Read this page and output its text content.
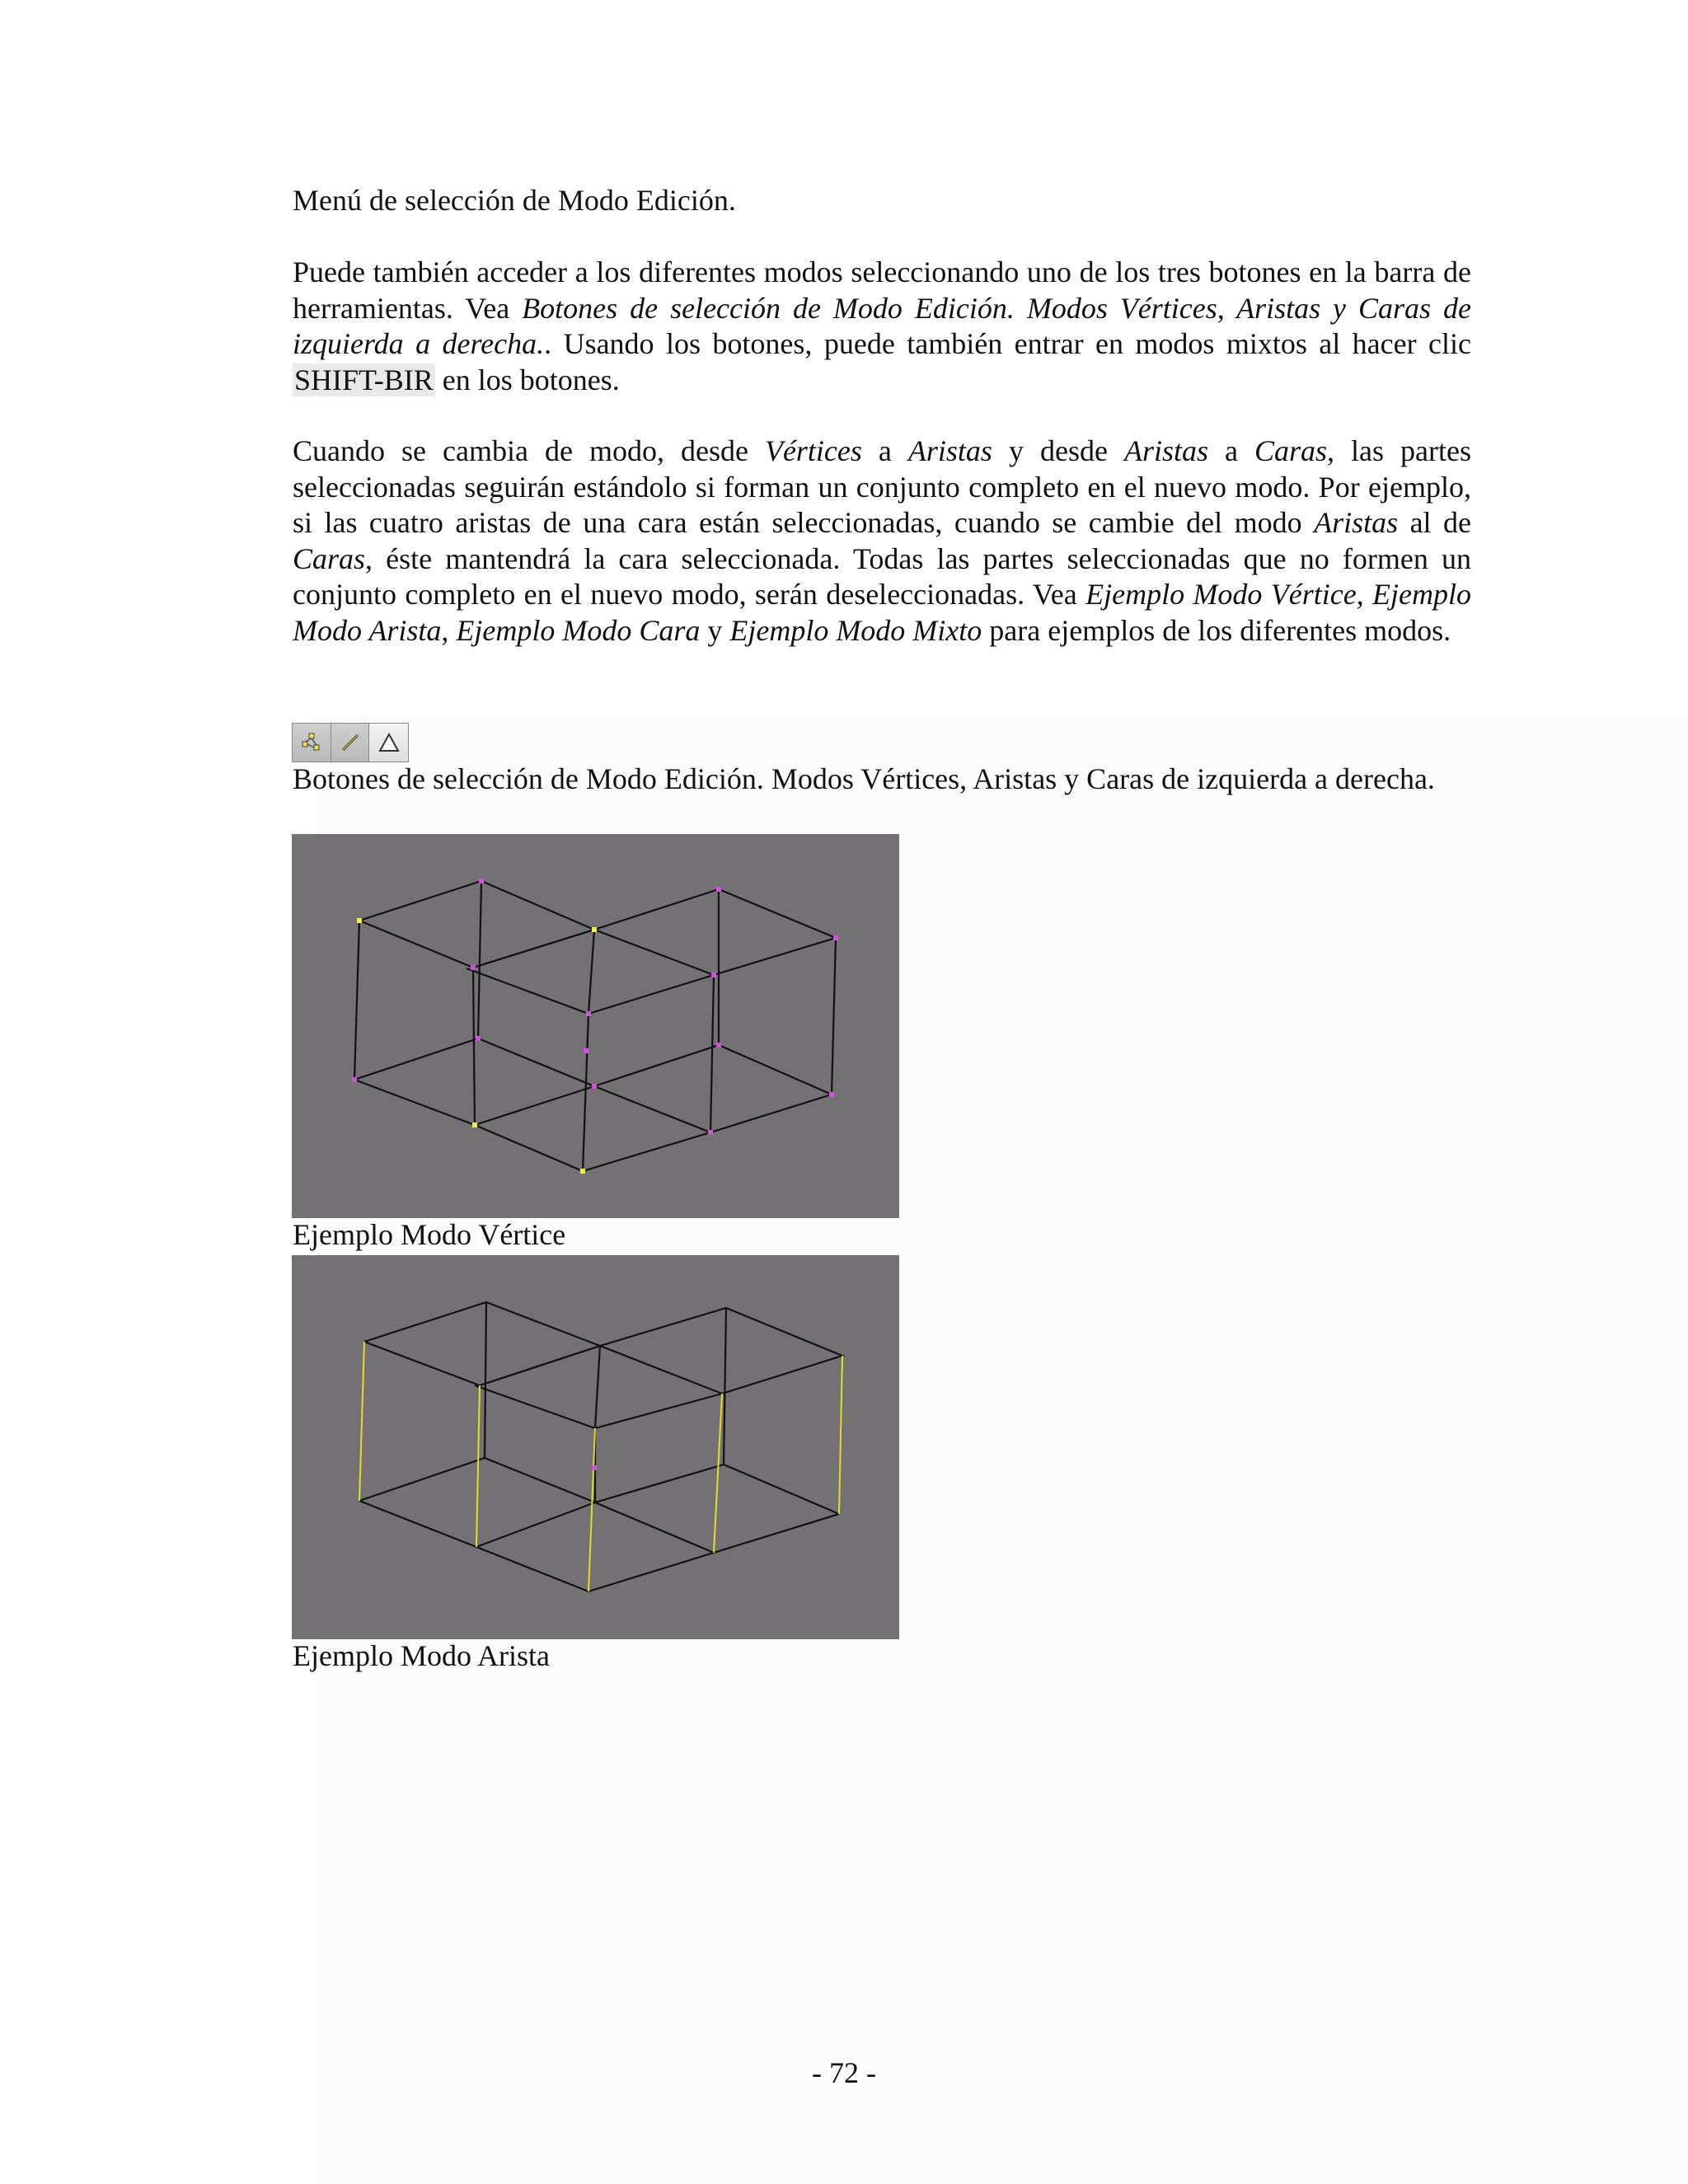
Menú de selección de Modo Edición.

Puede también acceder a los diferentes modos seleccionando uno de los tres botones en la barra de herramientas. Vea Botones de selección de Modo Edición. Modos Vértices, Aristas y Caras de izquierda a derecha.. Usando los botones, puede también entrar en modos mixtos al hacer clic SHIFT-BIR en los botones.

Cuando se cambia de modo, desde Vértices a Aristas y desde Aristas a Caras, las partes seleccionadas seguirán estándolo si forman un conjunto completo en el nuevo modo. Por ejemplo, si las cuatro aristas de una cara están seleccionadas, cuando se cambie del modo Aristas al de Caras, éste mantendrá la cara seleccionada. Todas las partes seleccionadas que no formen un conjunto completo en el nuevo modo, serán deseleccionadas. Vea Ejemplo Modo Vértice, Ejemplo Modo Arista, Ejemplo Modo Cara y Ejemplo Modo Mixto para ejemplos de los diferentes modos.

Botones de selección de Modo Edición. Modos Vértices, Aristas y Caras de izquierda a derecha.

Ejemplo Modo Vértice

Ejemplo Modo Arista

- 72 -
